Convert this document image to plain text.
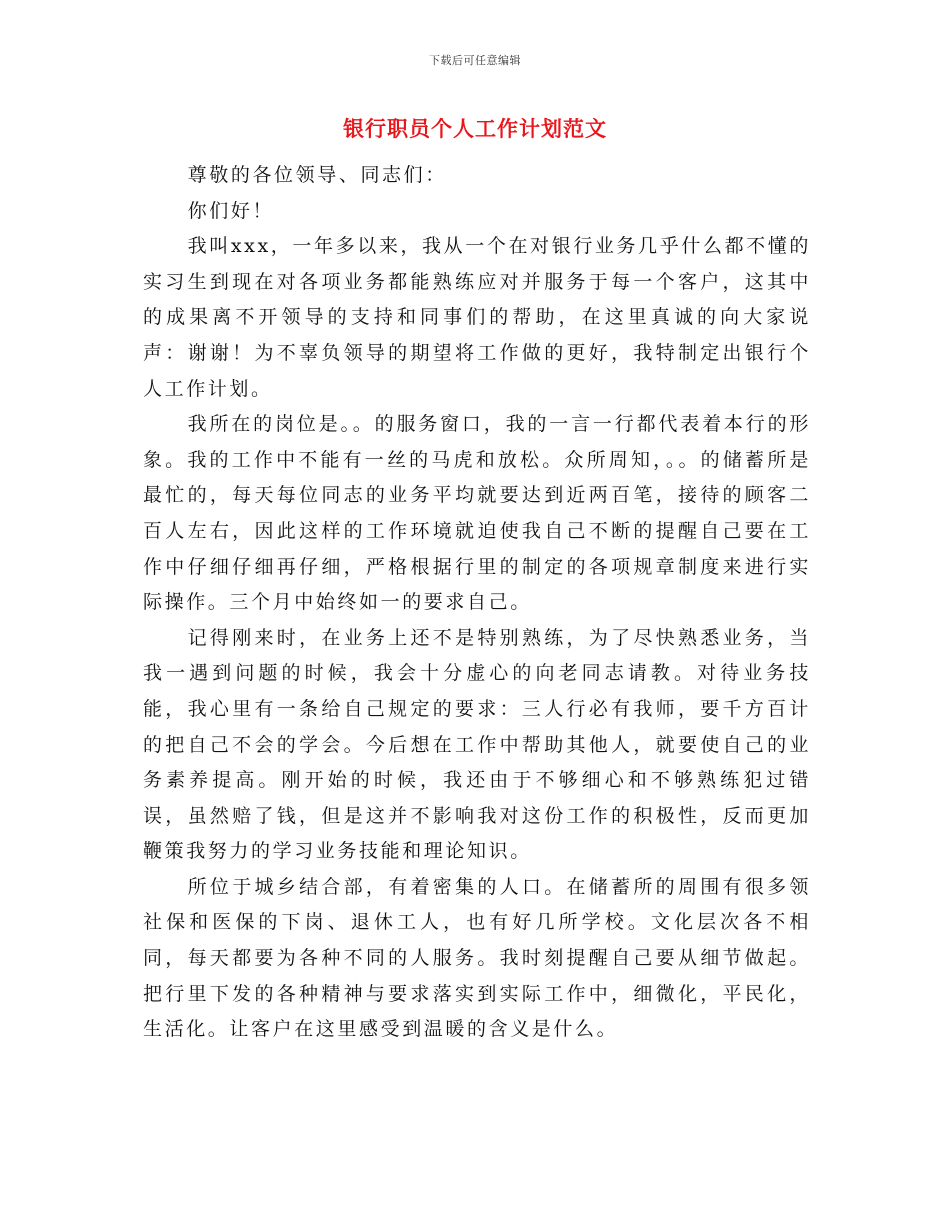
下载后可任意编辑
银行职员个人工作计划范文

尊敬的各位领导、同志们：

你们好！

我叫xxx，一年多以来，我从一个在对银行业务几乎什么都不懂的实习生到现在对各项业务都能熟练应对并服务于每一个客户，这其中的成果离不开领导的支持和同事们的帮助，在这里真诚的向大家说声：谢谢！为不辜负领导的期望将工作做的更好，我特制定出银行个人工作计划。

我所在的岗位是。。的服务窗口，我的一言一行都代表着本行的形象。我的工作中不能有一丝的马虎和放松。众所周知，。。的储蓄所是最忙的，每天每位同志的业务平均就要达到近两百笔，接待的顾客二百人左右，因此这样的工作环境就迫使我自己不断的提醒自己要在工作中仔细仔细再仔细，严格根据行里的制定的各项规章制度来进行实际操作。三个月中始终如一的要求自己。

记得刚来时，在业务上还不是特别熟练，为了尽快熟悉业务，当我一遇到问题的时候，我会十分虚心的向老同志请教。对待业务技能，我心里有一条给自己规定的要求：三人行必有我师，要千方百计的把自己不会的学会。今后想在工作中帮助其他人，就要使自己的业务素养提高。刚开始的时候，我还由于不够细心和不够熟练犯过错误，虽然赔了钱，但是这并不影响我对这份工作的积极性，反而更加鞭策我努力的学习业务技能和理论知识。

所位于城乡结合部，有着密集的人口。在储蓄所的周围有很多领社保和医保的下岗、退休工人，也有好几所学校。文化层次各不相同，每天都要为各种不同的人服务。我时刻提醒自己要从细节做起。把行里下发的各种精神与要求落实到实际工作中，细微化，平民化，生活化。让客户在这里感受到温暖的含义是什么。
